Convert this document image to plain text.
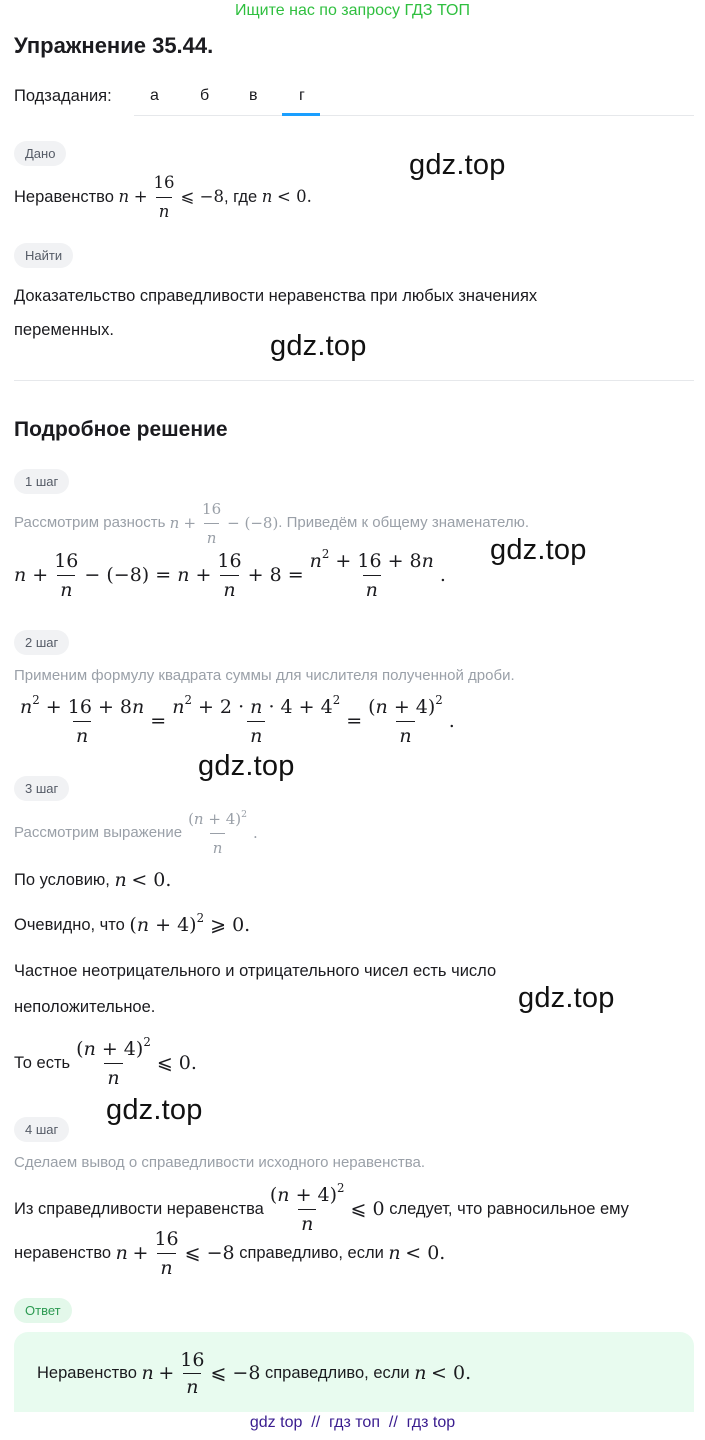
Ищите нас по запросу ГДЗ ТОП
Упражнение 35.44.
Подзадания: а	б в	г
Дано
Неравенство
n
+ $\frac{16}{n}$ ⩽ −8 , где
n
< 0.
gdz.top
Найти
Доказательство справедливости неравенства при любых значениях
переменных.	gdz.top
Подробное решение
1 шаг
Рассмотрим разность
n
+ $\frac{16}{n} - (-8)$ . Приведём к общему знаменателю.
$n + \frac{16}{n} - (-8) = n + \frac{16}{n} + 8 = \frac{n^2 + 16 + 8n}{n}$ .
gdz.top
2 шаг
Применим формулу квадрата суммы для числителя полученной дроби.
$\frac{n^2 + 16 + 8n}{n} = \frac{n^2 + 2 \cdot n \cdot 4 + 4^2}{n} = \frac{(n + 4)^2}{n}$ .
gdz.top
3 шаг
Рассмотрим выражение $\frac{(n + 4)^2}{n}$ .
По условию,
n
< 0.
Очевидно, что
$(n + 4)^2$ ⩾ 0.
Частное неотрицательного и отрицательного чисел есть число
неположительное.	gdz.top
То есть $\frac{(n + 4)^2}{n}$ ⩽ 0.
gdz.top
4 шаг
Сделаем вывод о справедливости исходного неравенства.
Из справедливости неравенства $\frac{(n + 4)^2}{n}$ ⩽ 0
следует, что равносильное ему
неравенство
n
+ $\frac{16}{n}$ ⩽ −8
справедливо, если
n
< 0.
Ответ
Неравенство
n
+ $\frac{16}{n}$ ⩽ −8
справедливо, если
n
< 0.
gdz top  //  гдз топ  //  гдз top
